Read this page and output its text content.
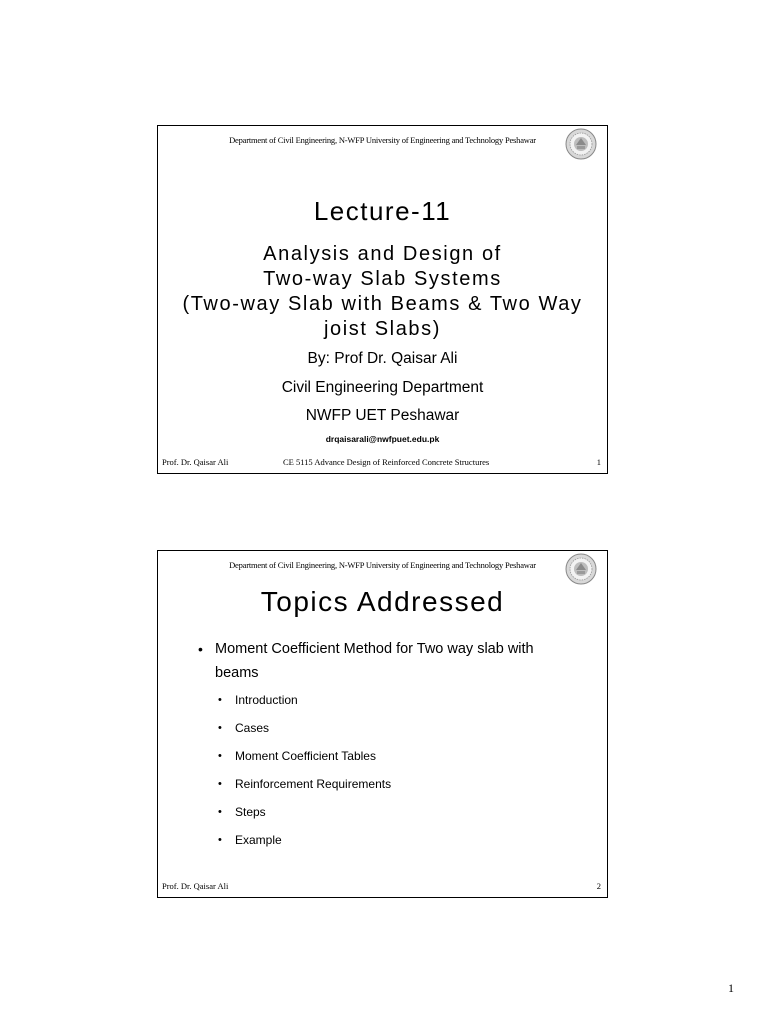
Department of Civil Engineering, N-WFP University of Engineering and Technology Peshawar
Lecture-11
Analysis and Design of
Two-way Slab Systems
(Two-way Slab with Beams & Two Way
joist Slabs)
By: Prof Dr. Qaisar Ali
Civil Engineering Department
NWFP UET Peshawar
drqaisarali@nwfpuet.edu.pk
Prof. Dr. Qaisar Ali	CE 5115 Advance Design of Reinforced Concrete Structures	1
Department of Civil Engineering, N-WFP University of Engineering and Technology Peshawar
Topics Addressed
• Moment Coefficient Method for Two way slab with beams
• Introduction
• Cases
• Moment Coefficient Tables
• Reinforcement Requirements
• Steps
• Example
Prof. Dr. Qaisar Ali	2
1
